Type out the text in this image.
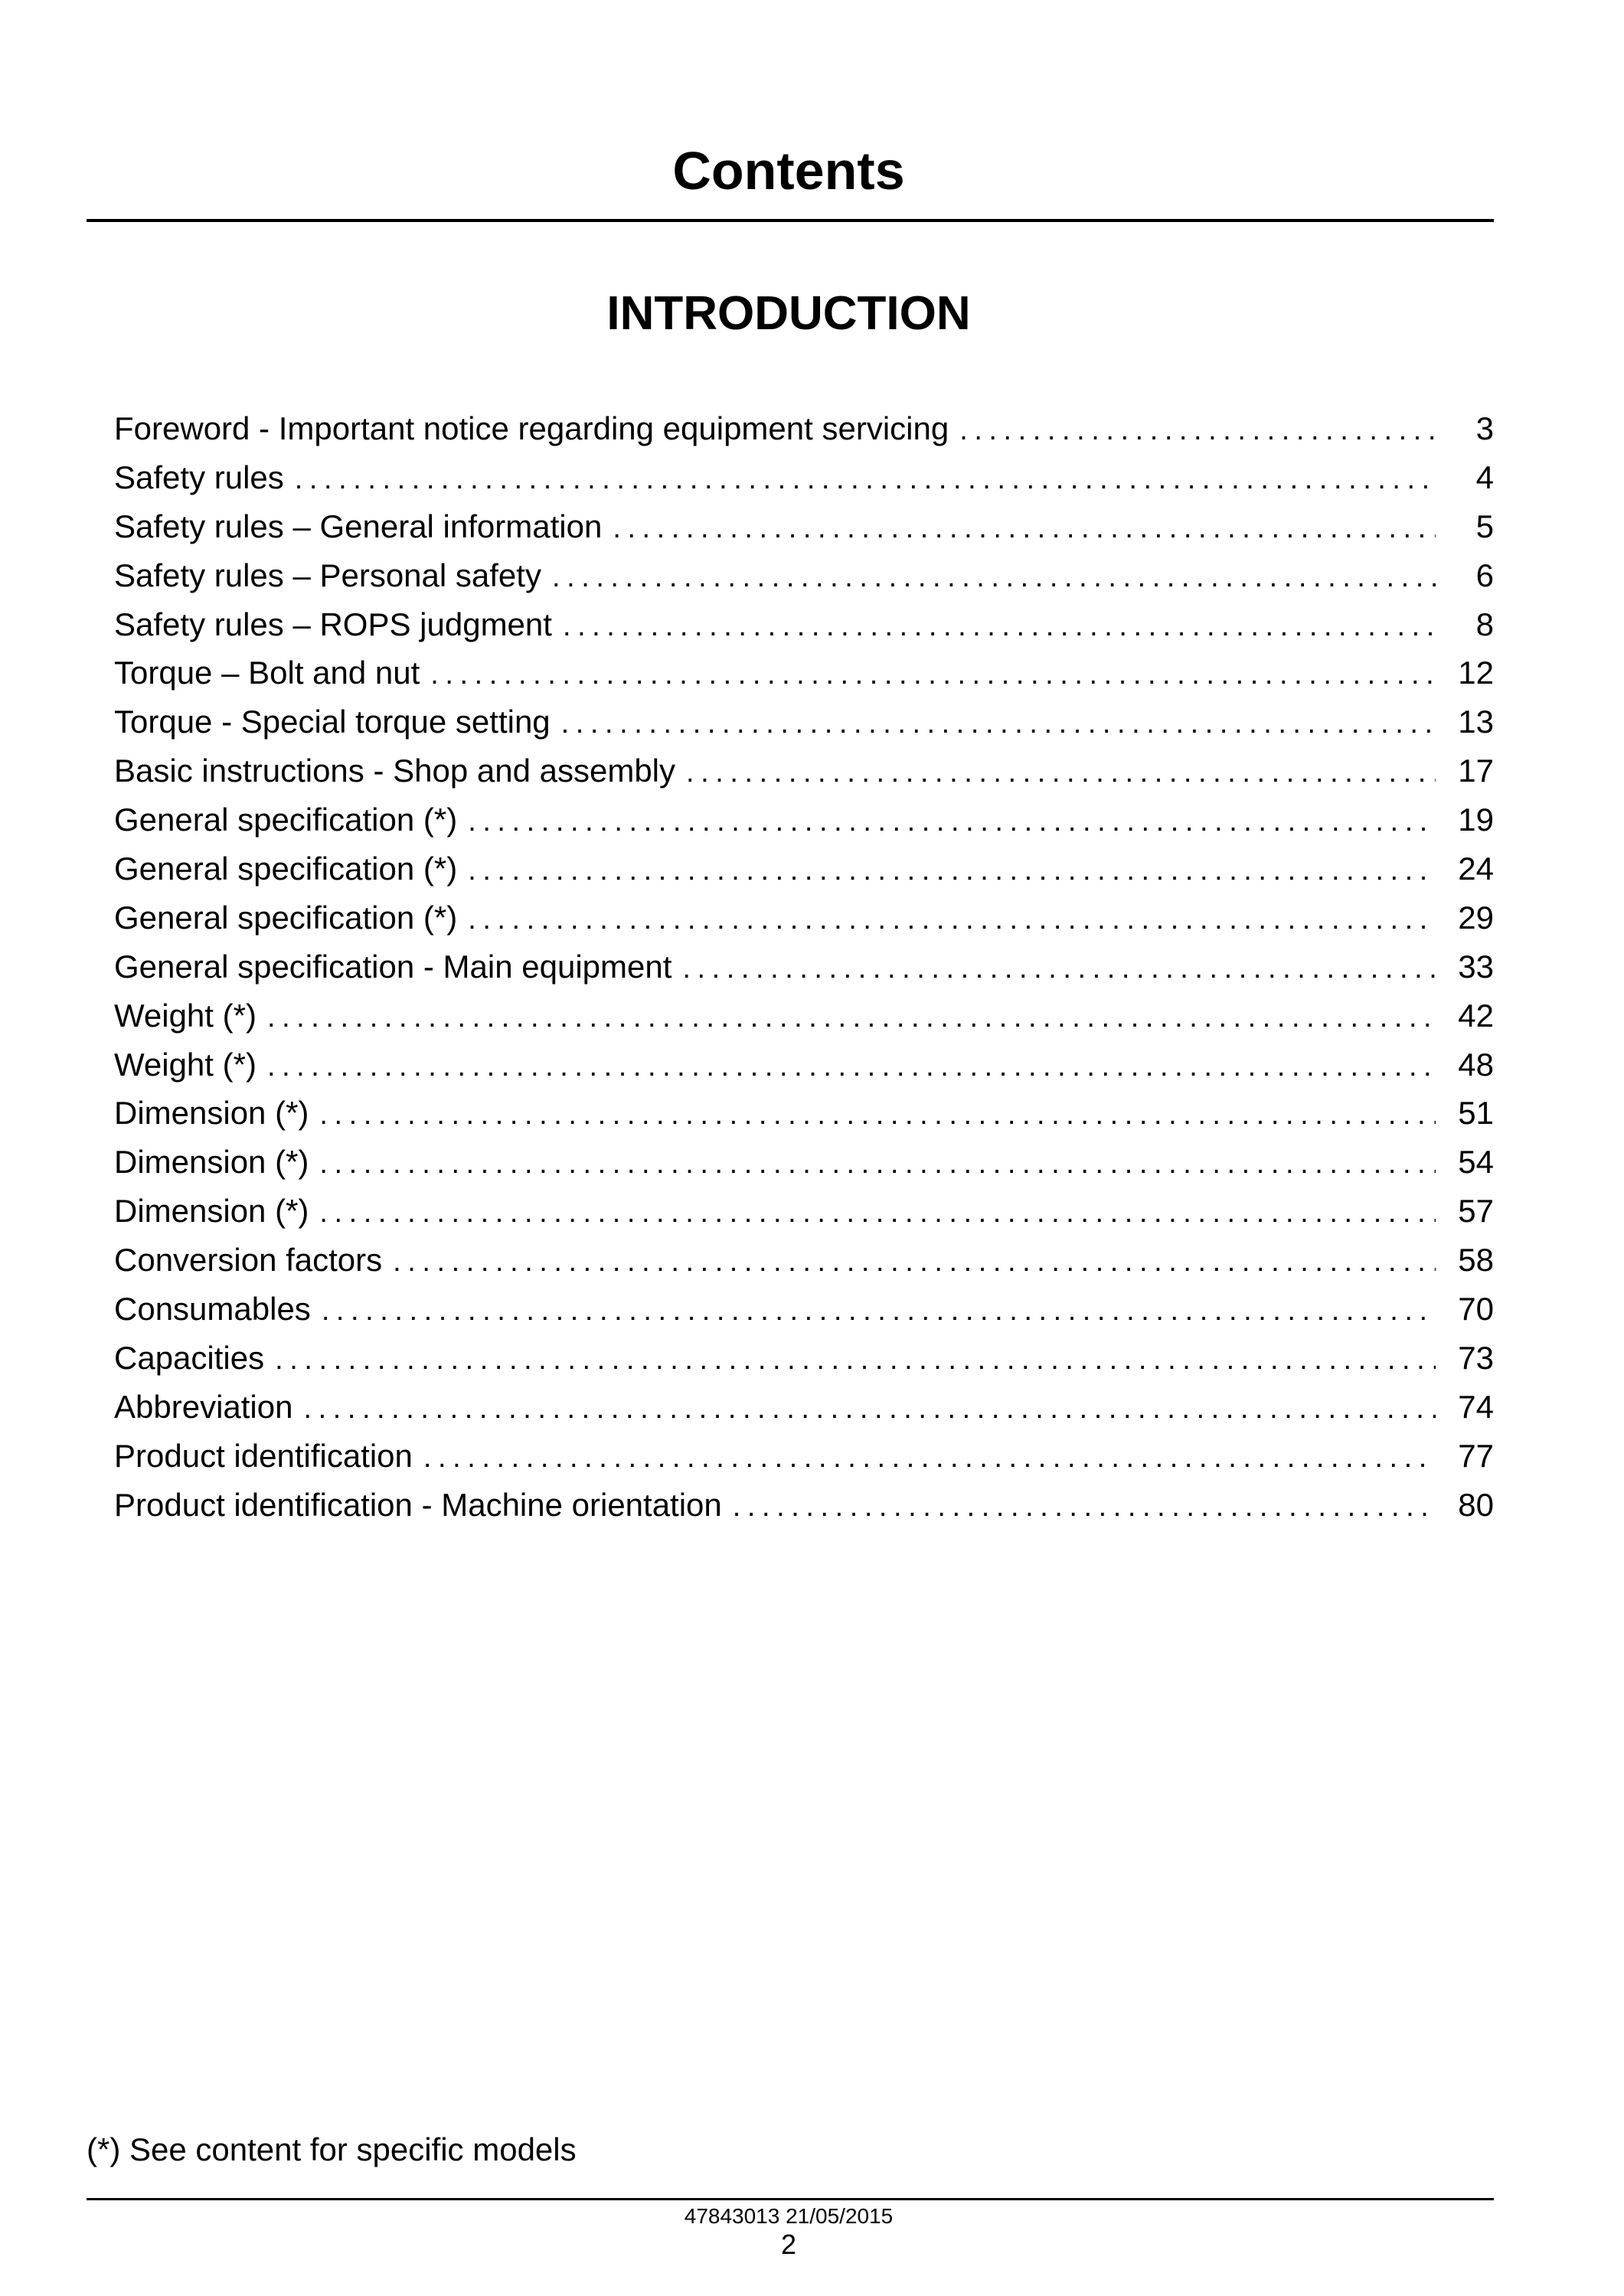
Contents
INTRODUCTION
Foreword - Important notice regarding equipment servicing . . .	3
Safety rules . . .	4
Safety rules – General information . . .	5
Safety rules – Personal safety . . .	6
Safety rules – ROPS judgment . . .	8
Torque – Bolt and nut . . .	12
Torque - Special torque setting . . .	13
Basic instructions - Shop and assembly . . .	17
General specification (*) . . .	19
General specification (*) . . .	24
General specification (*) . . .	29
General specification - Main equipment . . .	33
Weight (*) . . .	42
Weight (*) . . .	48
Dimension (*) . . .	51
Dimension (*) . . .	54
Dimension (*) . . .	57
Conversion factors . . .	58
Consumables . . .	70
Capacities . . .	73
Abbreviation . . .	74
Product identification . . .	77
Product identification - Machine orientation . . .	80
(*) See content for specific models
47843013 21/05/2015
2
